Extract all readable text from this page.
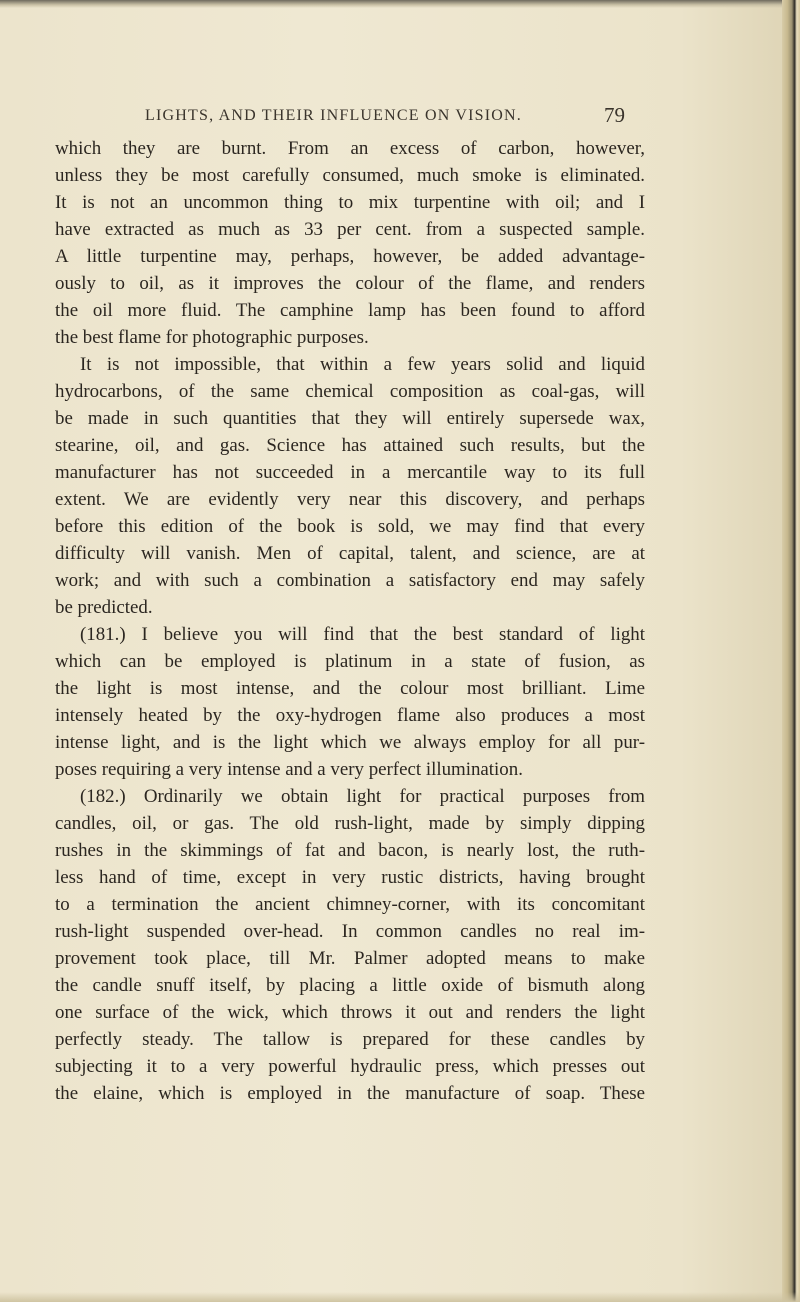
LIGHTS, AND THEIR INFLUENCE ON VISION.	79
which they are burnt. From an excess of carbon, however,
unless they be most carefully consumed, much smoke is eliminated.
It is not an uncommon thing to mix turpentine with oil; and I
have extracted as much as 33 per cent. from a suspected sample.
A little turpentine may, perhaps, however, be added advantage-
ously to oil, as it improves the colour of the flame, and renders
the oil more fluid. The camphine lamp has been found to afford
the best flame for photographic purposes.
It is not impossible, that within a few years solid and liquid
hydrocarbons, of the same chemical composition as coal-gas, will
be made in such quantities that they will entirely supersede wax,
stearine, oil, and gas. Science has attained such results, but the
manufacturer has not succeeded in a mercantile way to its full
extent. We are evidently very near this discovery, and perhaps
before this edition of the book is sold, we may find that every
difficulty will vanish. Men of capital, talent, and science, are at
work; and with such a combination a satisfactory end may safely
be predicted.
(181.) I believe you will find that the best standard of light
which can be employed is platinum in a state of fusion, as
the light is most intense, and the colour most brilliant. Lime
intensely heated by the oxy-hydrogen flame also produces a most
intense light, and is the light which we always employ for all pur-
poses requiring a very intense and a very perfect illumination.
(182.) Ordinarily we obtain light for practical purposes from
candles, oil, or gas. The old rush-light, made by simply dipping
rushes in the skimmings of fat and bacon, is nearly lost, the ruth-
less hand of time, except in very rustic districts, having brought
to a termination the ancient chimney-corner, with its concomitant
rush-light suspended over-head. In common candles no real im-
provement took place, till Mr. Palmer adopted means to make
the candle snuff itself, by placing a little oxide of bismuth along
one surface of the wick, which throws it out and renders the light
perfectly steady. The tallow is prepared for these candles by
subjecting it to a very powerful hydraulic press, which presses out
the elaine, which is employed in the manufacture of soap. These
